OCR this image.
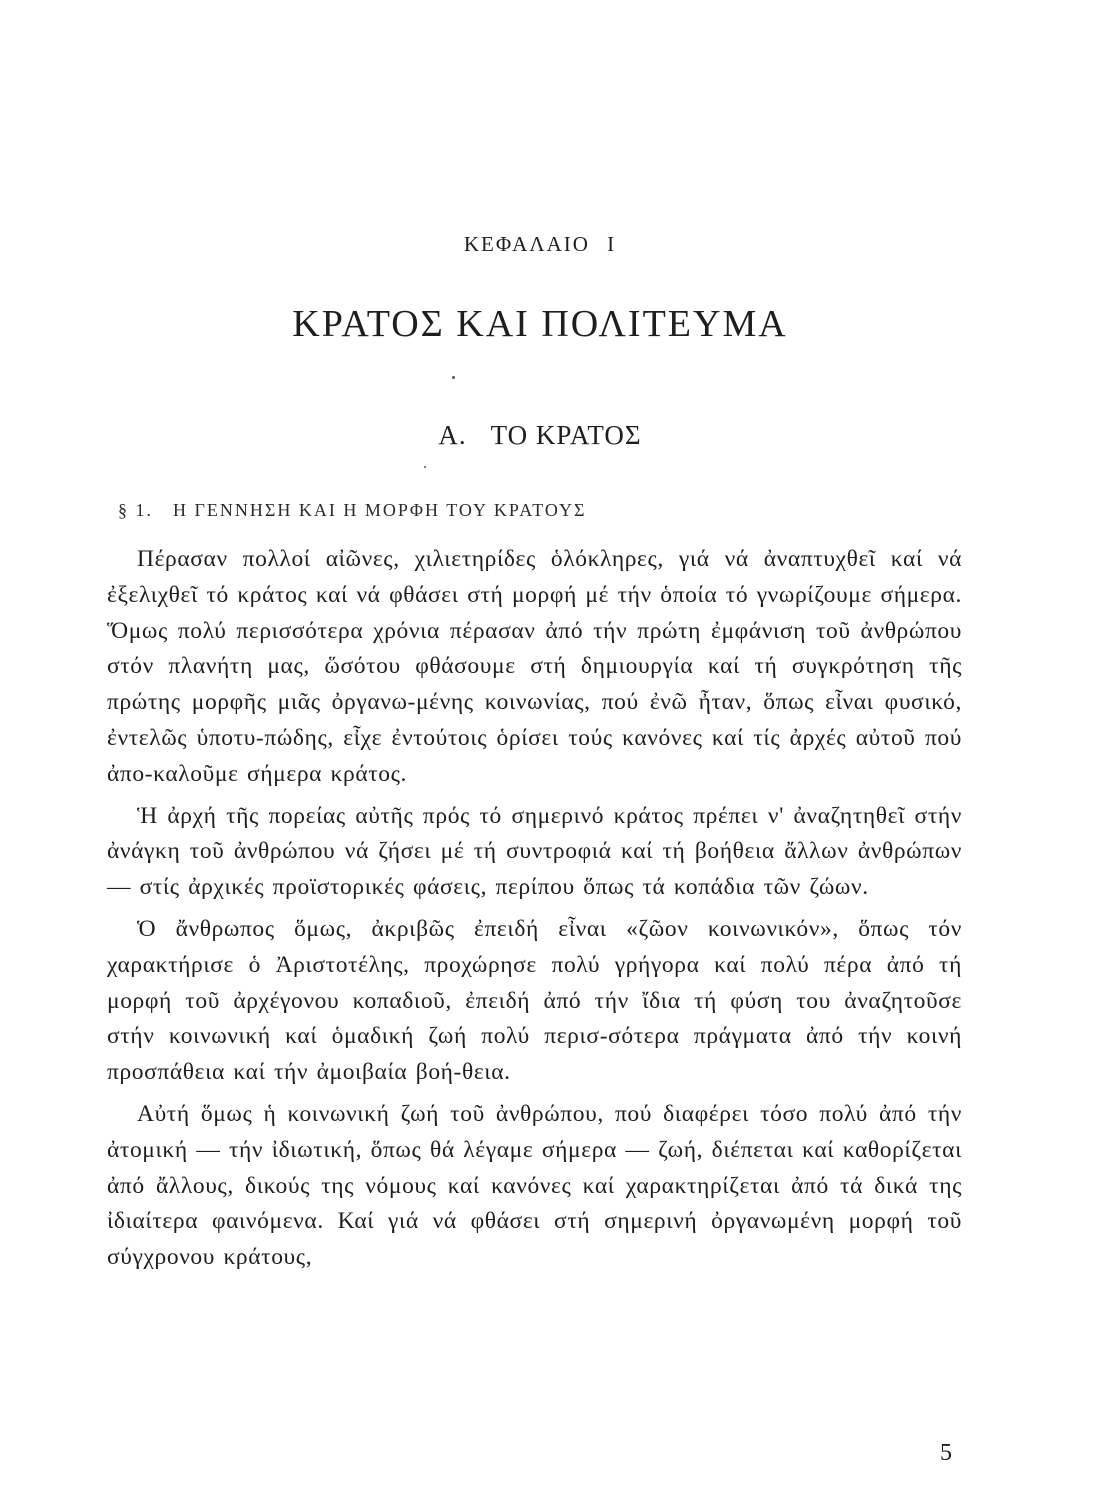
ΚΕΦΑΛΑΙΟ Ι
ΚΡΑΤΟΣ ΚΑΙ ΠΟΛΙΤΕΥΜΑ
Α. ΤΟ ΚΡΑΤΟΣ
§ 1. Η ΓΕΝΝΗΣΗ ΚΑΙ Η ΜΟΡΦΗ ΤΟΥ ΚΡΑΤΟΥΣ

Πέρασαν πολλοί αἰῶνες, χιλιετηρίδες ὁλόκληρες, γιά νά ἀναπτυχθεῖ καί νά ἐξελιχθεῖ τό κράτος καί νά φθάσει στή μορφή μέ τήν ὁποία τό γνωρίζουμε σήμερα. Ὅμως πολύ περισσότερα χρόνια πέρασαν ἀπό τήν πρώτη ἐμφάνιση τοῦ ἀνθρώπου στόν πλανήτη μας, ὥσότου φθάσουμε στή δημιουργία καί τή συγκρότηση τῆς πρώτης μορφῆς μιᾶς ὀργανω-μένης κοινωνίας, πού ἐνῶ ἦταν, ὅπως εἶναι φυσικό, ἐντελῶς ὑποτυ-πώδης, εἶχε ἐντούτοις ὁρίσει τούς κανόνες καί τίς ἀρχές αὐτοῦ πού ἀπο-καλοῦμε σήμερα κράτος.

Ἡ ἀρχή τῆς πορείας αὐτῆς πρός τό σημερινό κράτος πρέπει ν' ἀναζητηθεῖ στήν ἀνάγκη τοῦ ἀνθρώπου νά ζήσει μέ τή συντροφιά καί τή βοήθεια ἄλλων ἀνθρώπων — στίς ἀρχικές προϊστορικές φάσεις, περίπου ὅπως τά κοπάδια τῶν ζώων.

Ὁ ἄνθρωπος ὅμως, ἀκριβῶς ἐπειδή εἶναι «ζῶον κοινωνικόν», ὅπως τόν χαρακτήρισε ὁ Ἀριστοτέλης, προχώρησε πολύ γρήγορα καί πολύ πέρα ἀπό τή μορφή τοῦ ἀρχέγονου κοπαδιοῦ, ἐπειδή ἀπό τήν ἴδια τή φύση του ἀναζητοῦσε στήν κοινωνική καί ὁμαδική ζωή πολύ περισ-σότερα πράγματα ἀπό τήν κοινή προσπάθεια καί τήν ἀμοιβαία βοή-θεια.

Αὐτή ὅμως ἡ κοινωνική ζωή τοῦ ἀνθρώπου, πού διαφέρει τόσο πολύ ἀπό τήν ἀτομική — τήν ἰδιωτική, ὅπως θά λέγαμε σήμερα — ζωή, διέπεται καί καθορίζεται ἀπό ἄλλους, δικούς της νόμους καί κανόνες καί χαρακτηρίζεται ἀπό τά δικά της ἰδιαίτερα φαινόμενα. Καί γιά νά φθάσει στή σημερινή ὀργανωμένη μορφή τοῦ σύγχρονου κράτους,

5
